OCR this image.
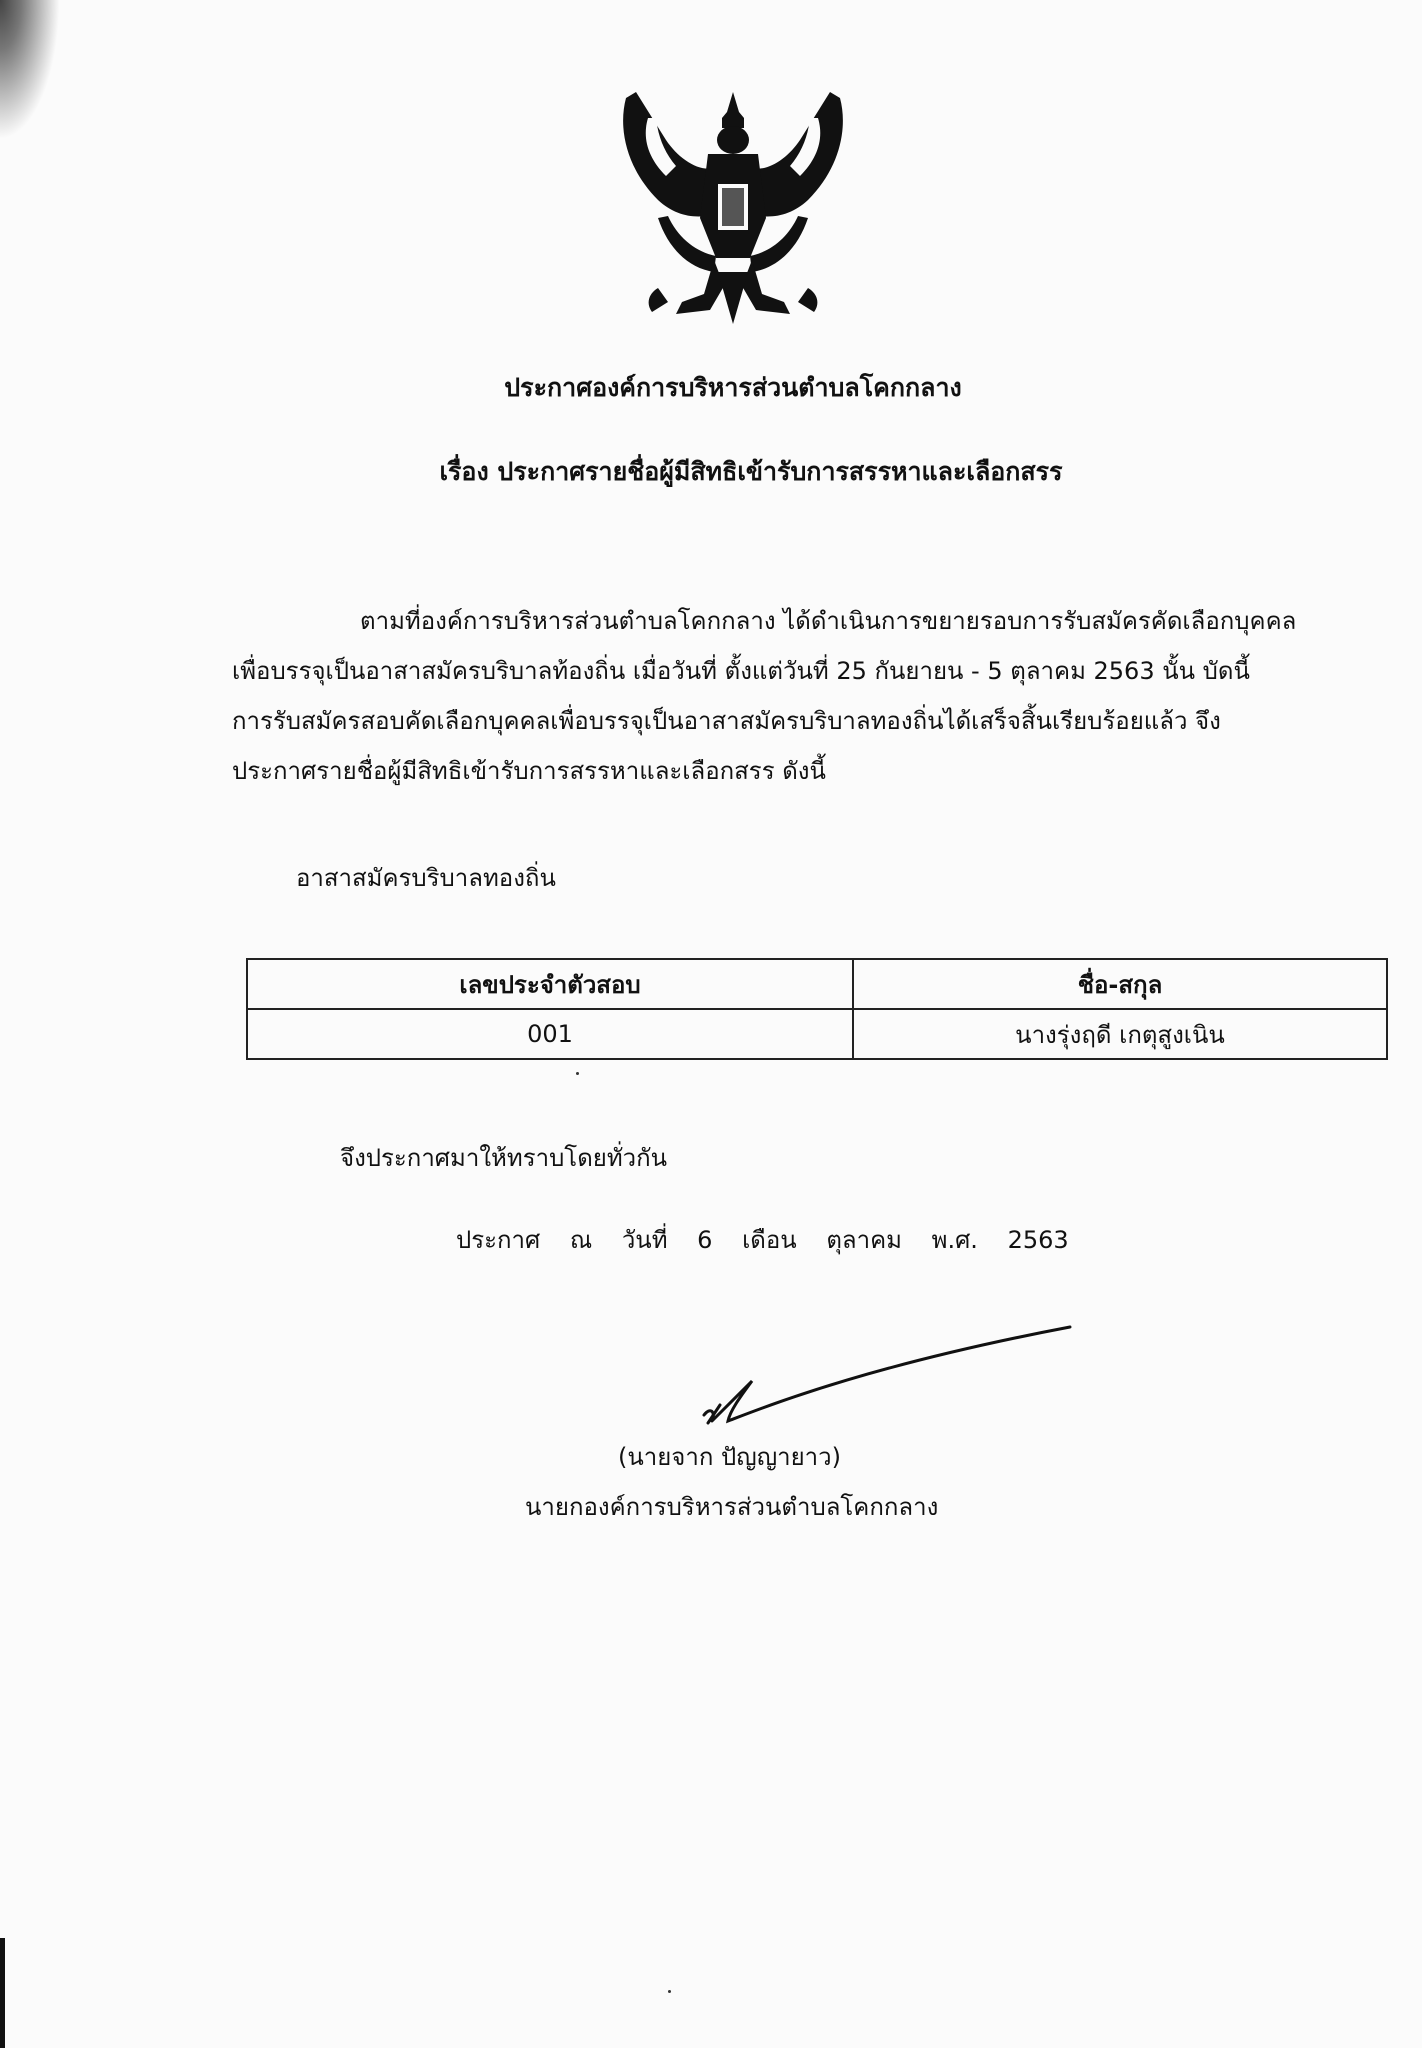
ประกาศองค์การบริหารส่วนตำบลโคกกลาง
เรื่อง ประกาศรายชื่อผู้มีสิทธิเข้ารับการสรรหาและเลือกสรร
ตามที่องค์การบริหารส่วนตำบลโคกกลาง ได้ดำเนินการขยายรอบการรับสมัครคัดเลือกบุคคล
เพื่อบรรจุเป็นอาสาสมัครบริบาลท้องถิ่น เมื่อวันที่ ตั้งแต่วันที่ 25 กันยายน - 5 ตุลาคม 2563 นั้น บัดนี้
การรับสมัครสอบคัดเลือกบุคคลเพื่อบรรจุเป็นอาสาสมัครบริบาลทองถิ่นได้เสร็จสิ้นเรียบร้อยแล้ว จึง
ประกาศรายชื่อผู้มีสิทธิเข้ารับการสรรหาและเลือกสรร ดังนี้
อาสาสมัครบริบาลทองถิ่น
เลขประจำตัวสอบ	ชื่อ-สกุล
001	นางรุ่งฤดี เกตุสูงเนิน
จึงประกาศมาให้ทราบโดยทั่วกัน
ประกาศ ณ วันที่ 6 เดือน ตุลาคม พ.ศ. 2563
(นายจาก ปัญญายาว)
นายกองค์การบริหารส่วนตำบลโคกกลาง
